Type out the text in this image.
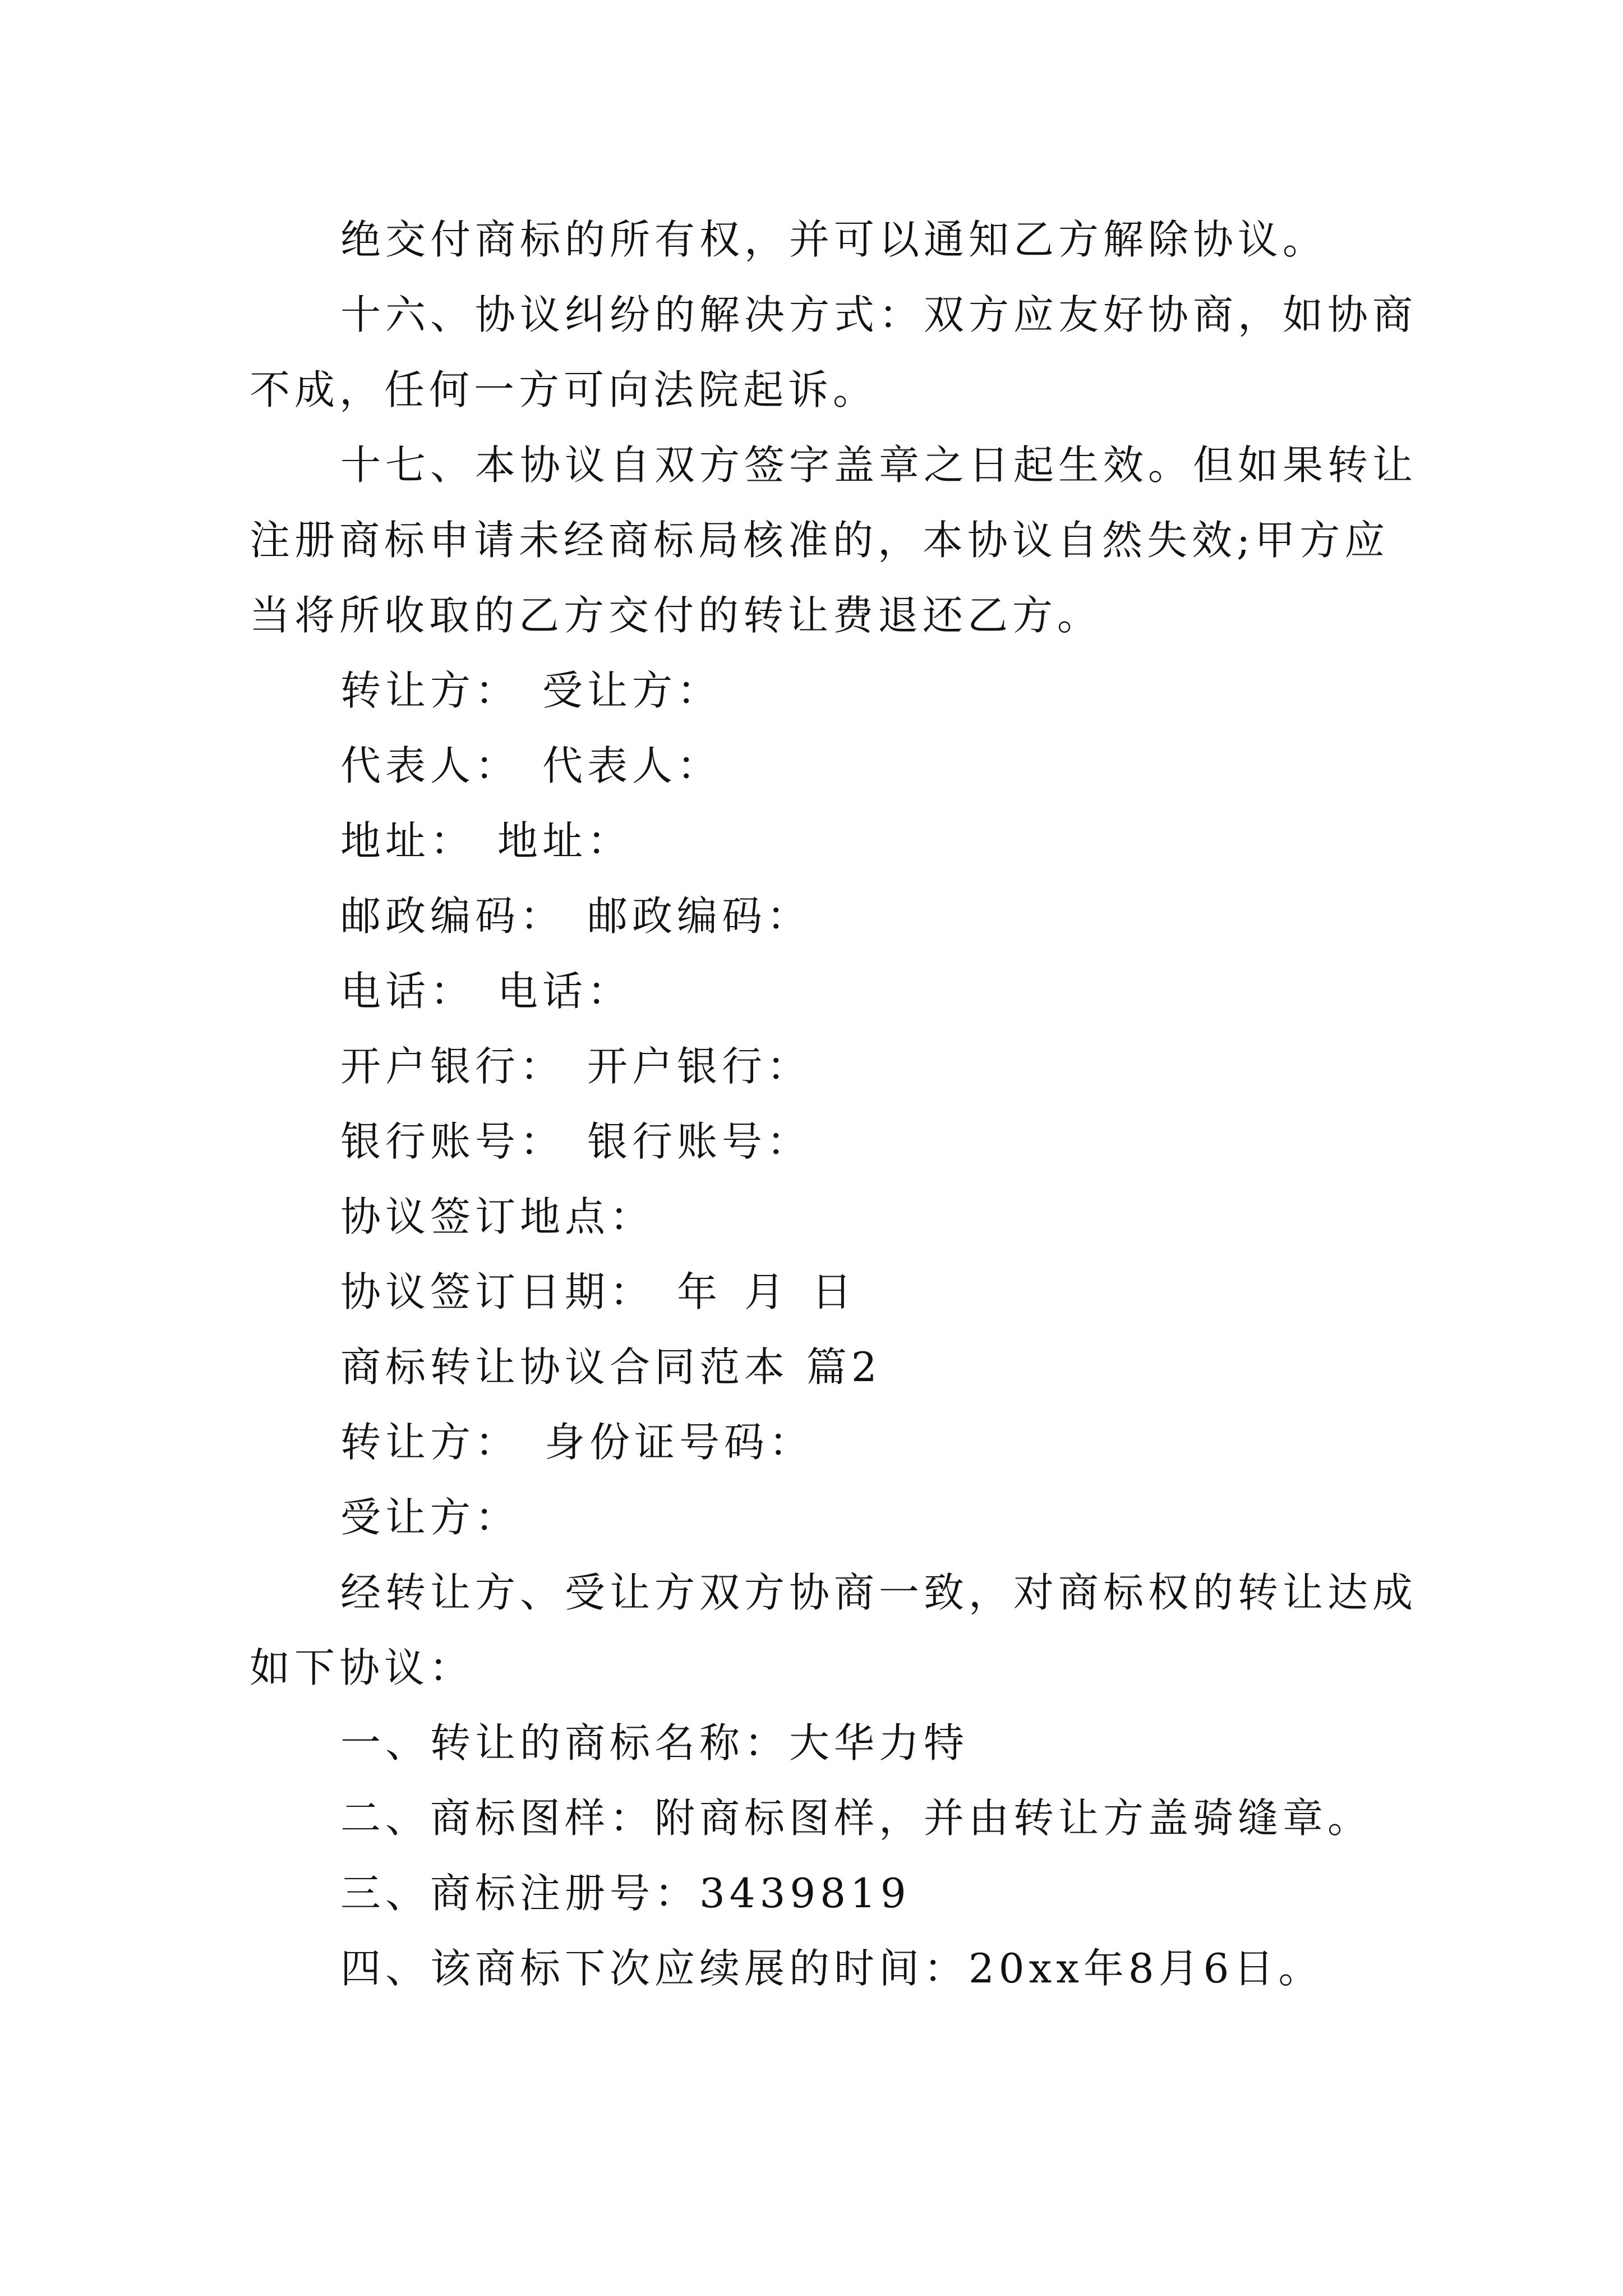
绝交付商标的所有权，并可以通知乙方解除协议。

十六、协议纠纷的解决方式：双方应友好协商，如协商

不成，任何一方可向法院起诉。

十七、本协议自双方签字盖章之日起生效。但如果转让

注册商标申请未经商标局核准的，本协议自然失效;甲方应

当将所收取的乙方交付的转让费退还乙方。

转让方： 受让方：

代表人： 代表人：

地址： 地址：

邮政编码： 邮政编码：

电话： 电话：

开户银行： 开户银行：

银行账号： 银行账号：

协议签订地点：

协议签订日期： 年 月 日

商标转让协议合同范本 篇2

转让方：　身份证号码：

受让方：

经转让方、受让方双方协商一致，对商标权的转让达成

如下协议：

一、转让的商标名称：大华力特

二、商标图样：附商标图样，并由转让方盖骑缝章。

三、商标注册号：3439819

四、该商标下次应续展的时间：20xx年8月6日。
